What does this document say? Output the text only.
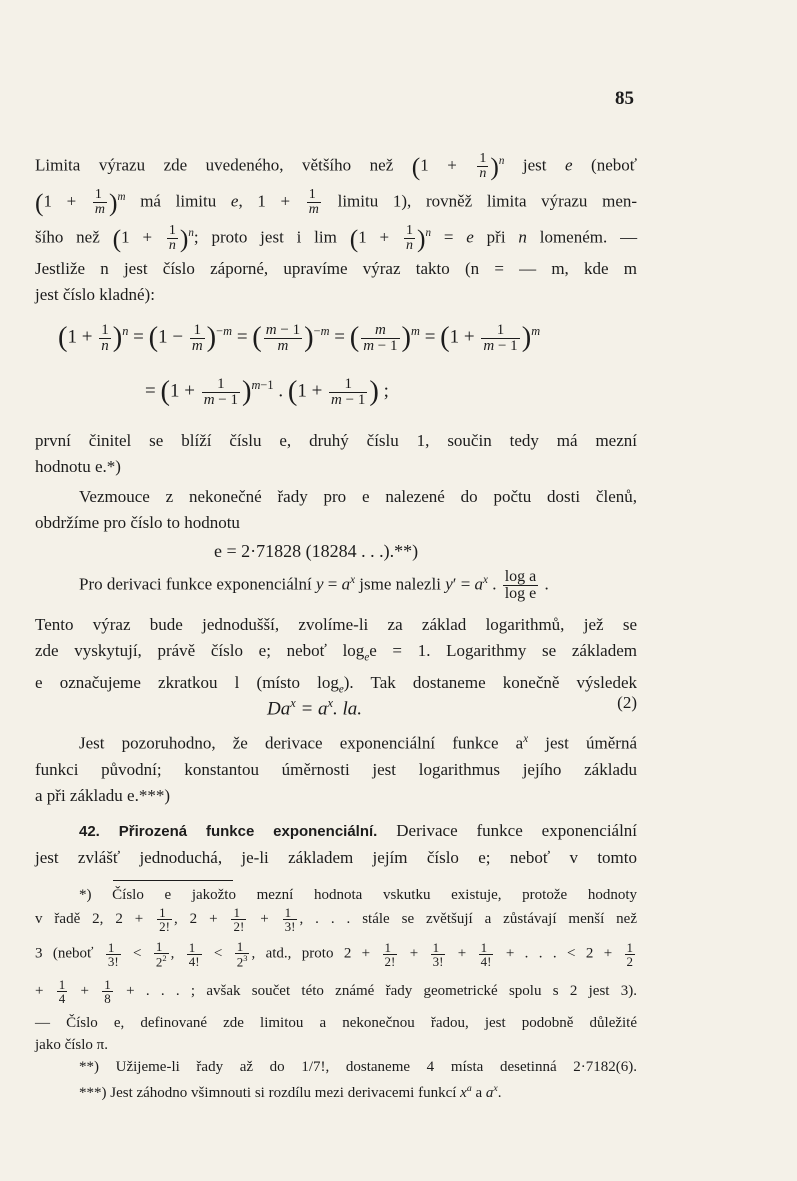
85
Limita výrazu zde uvedeného, většího než $(1 + \frac{1}{n} )^n$ jest e (neboť
$(1 + \frac{1}{m} )^m$ má limitu e, $1 + \frac{1}{m}$ limitu 1), rovněž limita výrazu men-
šího než $(1 + \frac{1}{n} )^n$; proto jest i $\lim (1 + \frac{1}{n} )^n = e$ při n lomeném. —
Jestliže n jest číslo záporné, upravíme výraz takto (n = — m, kde m
jest číslo kladné):
$(1 + \frac{1}{n} )^n = (1 - \frac{1}{m} )^{-m}$ = ( $\frac{m - 1}{m} )^{-m}$ = ( $\frac{m}{m - 1} )^m = (1 + \frac{1}{m - 1} )^m$
= $(1 + \frac{1}{m - 1} )^{m-1}$ . ($1 + \frac{1}{m - 1}$ ) ;
první činitel se blíží číslu e, druhý číslu 1, součin tedy má mezní
hodnotu e.*)
Vezmouce z nekonečné řady pro e nalezené do počtu dosti členů,
obdržíme pro číslo to hodnotu
e = 2·71828 (18284 . . .).**)
Pro derivaci funkce exponenciální $y = a^x$ jsme nalezli $y' = a^x$ . $\frac{\text{log a}}{\text{log e}}$ .
Tento výraz bude jednodušší, zvolíme-li za základ logarithmů, jež se
zde vyskytují, právě číslo e; neboť $\log_ee = 1$. Logarithmy se základem
e označujeme zkratkou l (místo $\log_e$). Tak dostaneme konečně výsledek
$Da^x = a^x$. la.	(2)
Jest pozoruhodno, že derivace exponenciální funkce $a^x$ jest úměrná
funkci původní; konstantou úměrnosti jest logarithmus jejího základu
a při základu e.***)
42. Přirozená funkce exponenciální. Derivace funkce exponenciální
jest zvlášť jednoduchá, je-li základem jejím číslo e; neboť v tomto
*) Číslo e jakožto mezní hodnota vskutku existuje, protože hodnoty
v řadě 2, $2 + \frac{1}{2!}$ , $2 + \frac{1}{2!} + \frac{1}{3!}$ , . . . stále se zvětšují a zůstávají menší než
3 (neboť $\frac{1}{3!} < \frac{1}{2^2}$ , $\frac{1}{4!} < \frac{1}{2^3}$ , atd., proto $2 + \frac{1}{2!} + \frac{1}{3!} + \frac{1}{4!}$ + . . . < $2 + \frac{1}{2}$
+ $\frac{1}{4} + \frac{1}{8}$ + . . . ; avšak součet této známé řady geometrické spolu s 2 jest 3).
— Číslo e, definované zde limitou a nekonečnou řadou, jest podobně důležité
jako číslo π.
**) Užijeme-li řady až do 1/7!, dostaneme 4 místa desetinná 2·7182(6).
***) Jest záhodno všimnouti si rozdílu mezi derivacemi funkcí $x^a$ a $a^x$.
